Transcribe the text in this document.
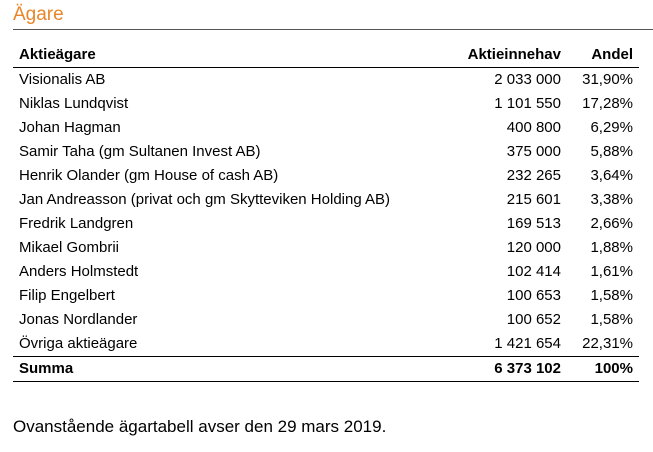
Ägare
Aktieägare	Aktieinnehav	Andel
Visionalis AB	2 033 000	31,90%
Niklas Lundqvist	1 101 550	17,28%
Johan Hagman	400 800	6,29%
Samir Taha (gm Sultanen Invest AB)	375 000	5,88%
Henrik Olander (gm House of cash AB)	232 265	3,64%
Jan Andreasson (privat och gm Skytteviken Holding AB)	215 601	3,38%
Fredrik Landgren	169 513	2,66%
Mikael Gombrii	120 000	1,88%
Anders Holmstedt	102 414	1,61%
Filip Engelbert	100 653	1,58%
Jonas Nordlander	100 652	1,58%
Övriga aktieägare	1 421 654	22,31%
Summa	6 373 102	100%
Ovanstående ägartabell avser den 29 mars 2019.
